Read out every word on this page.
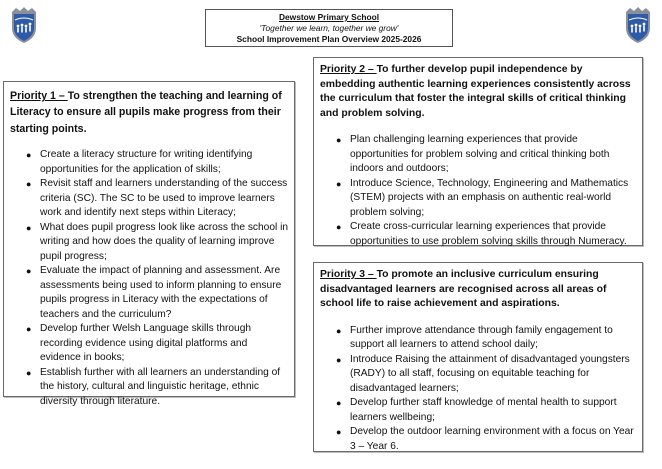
Dewstow Primary School
'Together we learn, together we grow'
School Improvement Plan Overview 2025-2026
Priority 1 – To strengthen the teaching and learning of Literacy to ensure all pupils make progress from their starting points.
● Create a literacy structure for writing identifying opportunities for the application of skills;
● Revisit staff and learners understanding of the success criteria (SC). The SC to be used to improve learners work and identify next steps within Literacy;
● What does pupil progress look like across the school in writing and how does the quality of learning improve pupil progress;
● Evaluate the impact of planning and assessment. Are assessments being used to inform planning to ensure pupils progress in Literacy with the expectations of teachers and the curriculum?
● Develop further Welsh Language skills through recording evidence using digital platforms and evidence in books;
● Establish further with all learners an understanding of the history, cultural and linguistic heritage, ethnic diversity through literature.
Priority 2 – To further develop pupil independence by embedding authentic learning experiences consistently across the curriculum that foster the integral skills of critical thinking and problem solving.
● Plan challenging learning experiences that provide opportunities for problem solving and critical thinking both indoors and outdoors;
● Introduce Science, Technology, Engineering and Mathematics (STEM) projects with an emphasis on authentic real-world problem solving;
● Create cross-curricular learning experiences that provide opportunities to use problem solving skills through Numeracy.
Priority 3 – To promote an inclusive curriculum ensuring disadvantaged learners are recognised across all areas of school life to raise achievement and aspirations.
● Further improve attendance through family engagement to support all learners to attend school daily;
● Introduce Raising the attainment of disadvantaged youngsters (RADY) to all staff, focusing on equitable teaching for disadvantaged learners;
● Develop further staff knowledge of mental health to support learners wellbeing;
● Develop the outdoor learning environment with a focus on Year 3 – Year 6.
